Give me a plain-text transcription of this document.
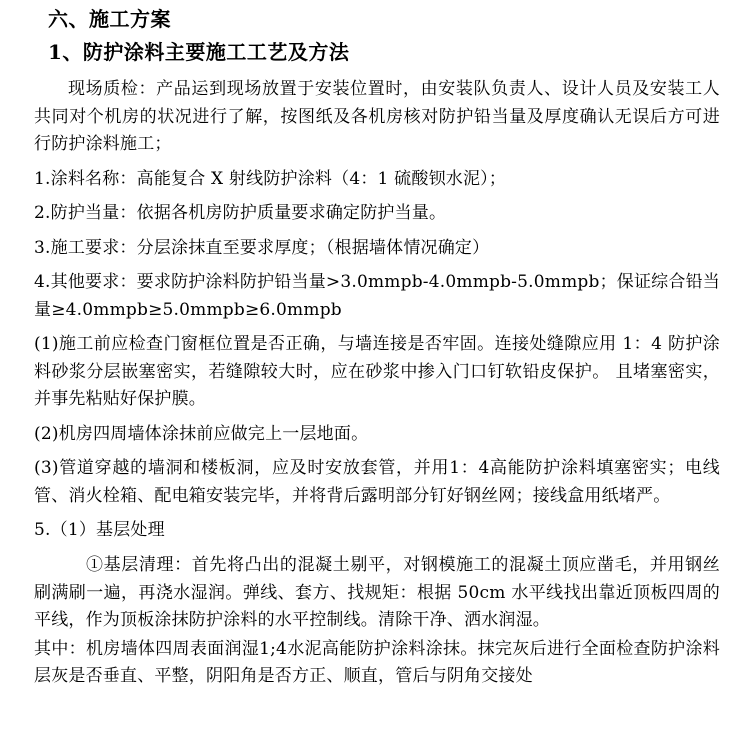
六、施工方案
1、防护涂料主要施工工艺及方法

现场质检：产品运到现场放置于安装位置时，由安装队负责人、设计人员及安装工人共同对个机房的状况进行了解，按图纸及各机房核对防护铅当量及厚度确认无误后方可进行防护涂料施工；

1.涂料名称：高能复合 X 射线防护涂料（4：1 硫酸钡水泥）；

2.防护当量：依据各机房防护质量要求确定防护当量。

3.施工要求：分层涂抹直至要求厚度；（根据墙体情况确定）

4.其他要求：要求防护涂料防护铅当量>3.0mmpb-4.0mmpb-5.0mmpb；保证综合铅当量≥4.0mmpb≥5.0mmpb≥6.0mmpb

(1)施工前应检查门窗框位置是否正确，与墙连接是否牢固。连接处缝隙应用 1：4 防护涂料砂浆分层嵌塞密实，若缝隙较大时，应在砂浆中掺入门口钉软铅皮保护。 且堵塞密实，并事先粘贴好保护膜。

(2)机房四周墙体涂抹前应做完上一层地面。

(3)管道穿越的墙洞和楼板洞，应及时安放套管，并用1：4高能防护涂料填塞密实；电线管、消火栓箱、配电箱安装完毕，并将背后露明部分钉好钢丝网；接线盒用纸堵严。

5.（1）基层处理

①基层清理：首先将凸出的混凝土剔平，对钢模施工的混凝土顶应凿毛，并用钢丝刷满刷一遍，再浇水湿润。弹线、套方、找规矩：根据 50cm 水平线找出靠近顶板四周的平线，作为顶板涂抹防护涂料的水平控制线。清除干净、洒水润湿。

其中：机房墙体四周表面润湿1;4水泥高能防护涂料涂抹。抹完灰后进行全面检查防护涂料层灰是否垂直、平整，阴阳角是否方正、顺直，管后与阴角交接处
